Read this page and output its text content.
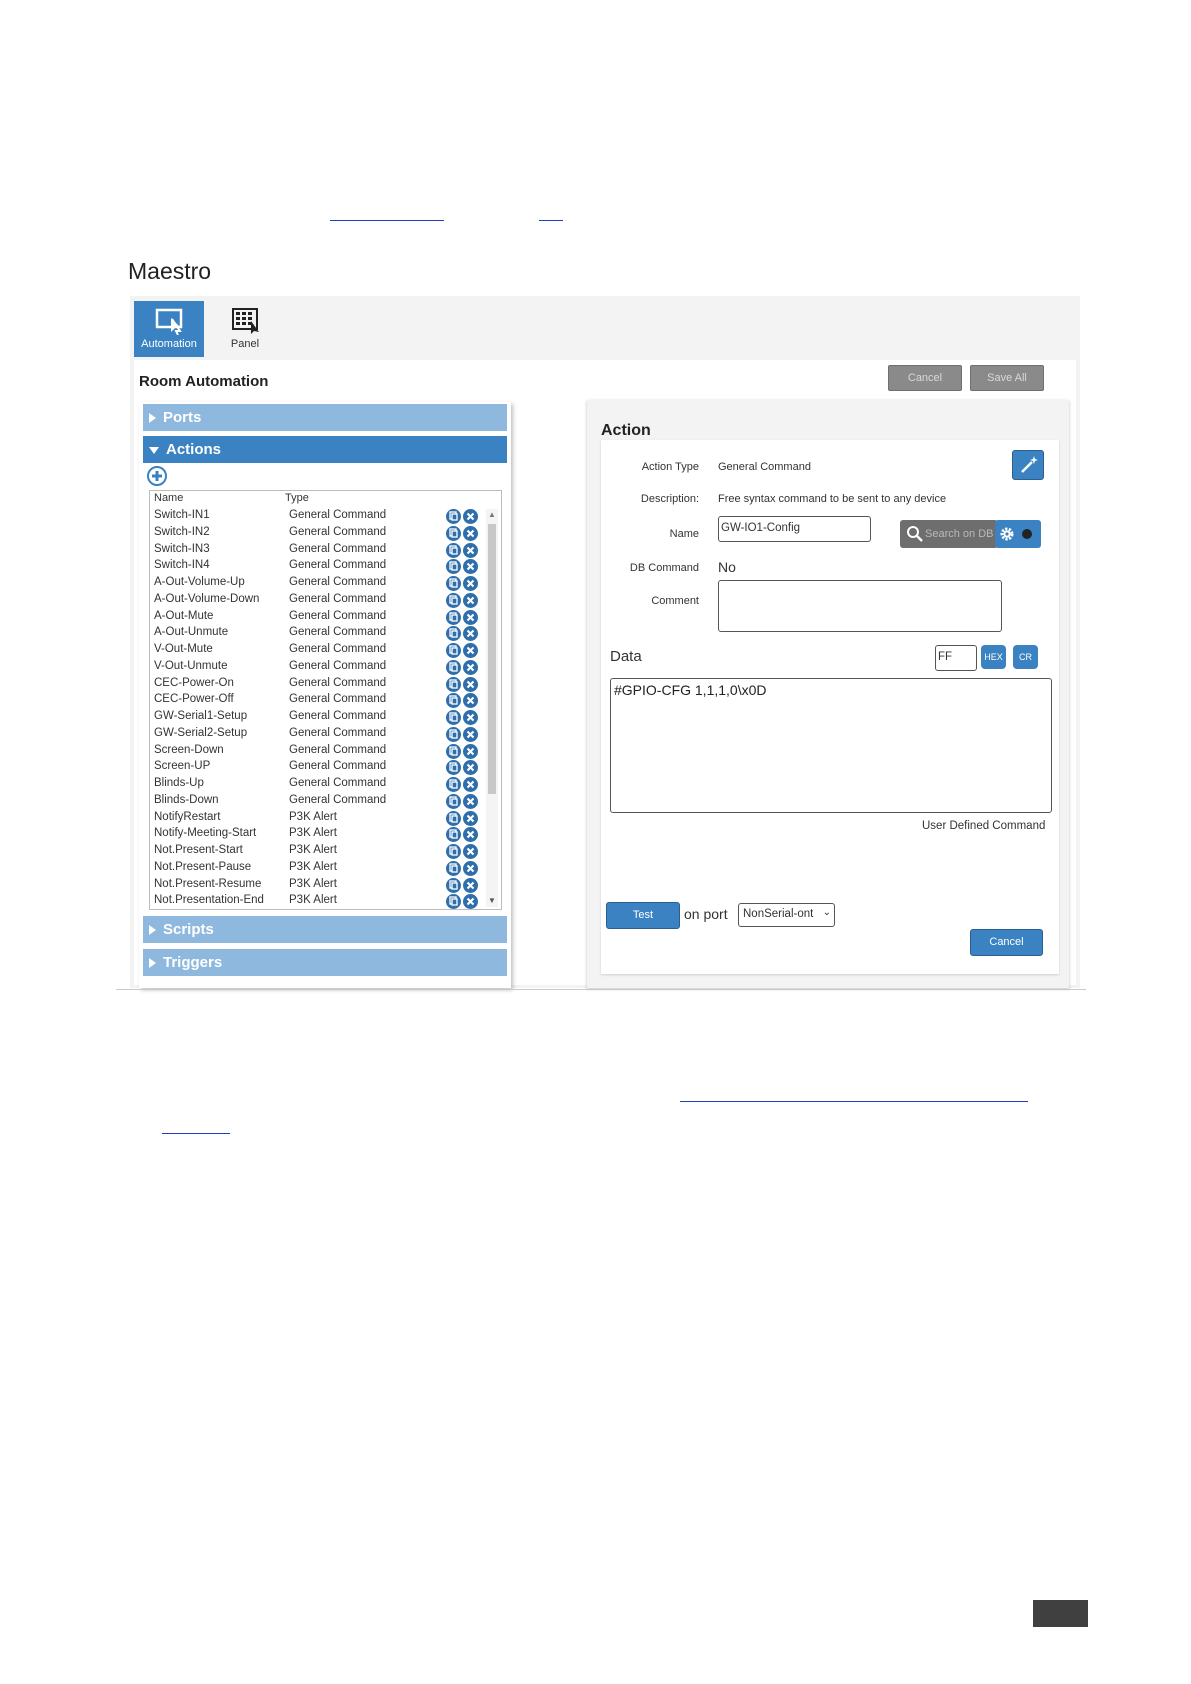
Maestro
Automation	Panel
Room Automation	Cancel	Save All
Ports
Actions
Name	Type
Switch-IN1	General Command
Switch-IN2	General Command
Switch-IN3	General Command
Switch-IN4	General Command
A-Out-Volume-Up	General Command
A-Out-Volume-Down	General Command
A-Out-Mute	General Command
A-Out-Unmute	General Command
V-Out-Mute	General Command
V-Out-Unmute	General Command
CEC-Power-On	General Command
CEC-Power-Off	General Command
GW-Serial1-Setup	General Command
GW-Serial2-Setup	General Command
Screen-Down	General Command
Screen-UP	General Command
Blinds-Up	General Command
Blinds-Down	General Command
NotifyRestart	P3K Alert
Notify-Meeting-Start	P3K Alert
Not.Present-Start	P3K Alert
Not.Present-Pause	P3K Alert
Not.Present-Resume P3K Alert
Not.Presentation-End P3K Alert
▲
▼
Scripts
Triggers
Action
Action Type General Command
Description: Free syntax command to be sent to any device
Name GW-IO1-Config	Search on DB
DB Command No
Comment
Data	FF	HEX	CR
#GPIO-CFG 1,1,1,0\x0D
User Defined Command
Test	on port NonSerial-ont ⌄
Cancel
